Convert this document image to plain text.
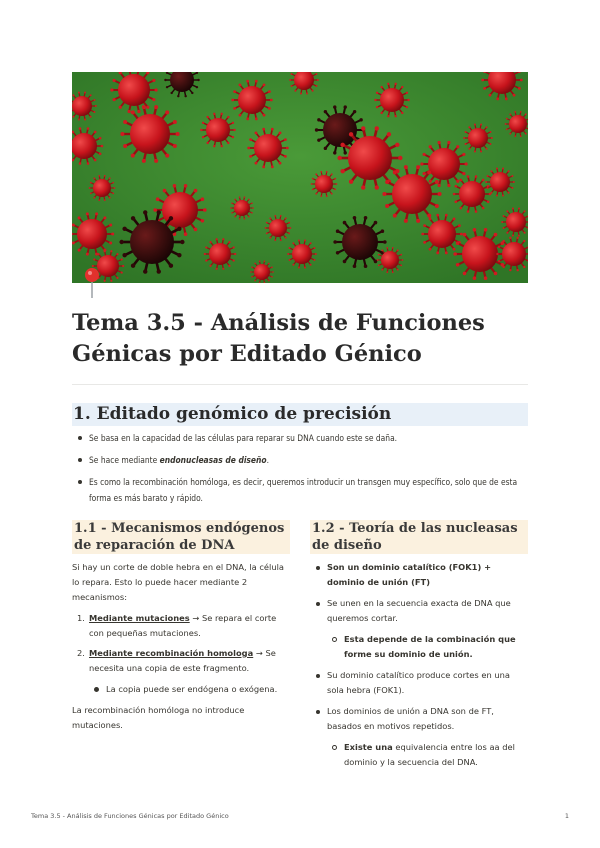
Tema 3.5 - Análisis de Funciones Génicas por Editado Génico
1. Editado genómico de precisión
Se basa en la capacidad de las células para reparar su DNA cuando este se daña.
Se hace mediante endonucleasas de diseño.
Es como la recombinación homóloga, es decir, queremos introducir un transgen muy específico, solo que de esta forma es más barato y rápido.
1.1 - Mecanismos endógenos de reparación de DNA

Si hay un corte de doble hebra en el DNA, la célula lo repara. Esto lo puede hacer mediante 2 mecanismos:

1. Mediante mutaciones → Se repara el corte con pequeñas mutaciones.
2. Mediante recombinación homologa → Se necesita una copia de este fragmento.
La copia puede ser endógena o exógena.

La recombinación homóloga no introduce mutaciones.

1.2 - Teoría de las nucleasas de diseño
Son un dominio catalítico (FOK1) + dominio de unión (FT)
Se unen en la secuencia exacta de DNA que queremos cortar.
Esta depende de la combinación que forme su dominio de unión.
Su dominio catalítico produce cortes en una sola hebra (FOK1).
Los dominios de unión a DNA son de FT, basados en motivos repetidos.
Existe una equivalencia entre los aa del dominio y la secuencia del DNA.
Tema 3.5 - Análisis de Funciones Génicas por Editado Génico	1
